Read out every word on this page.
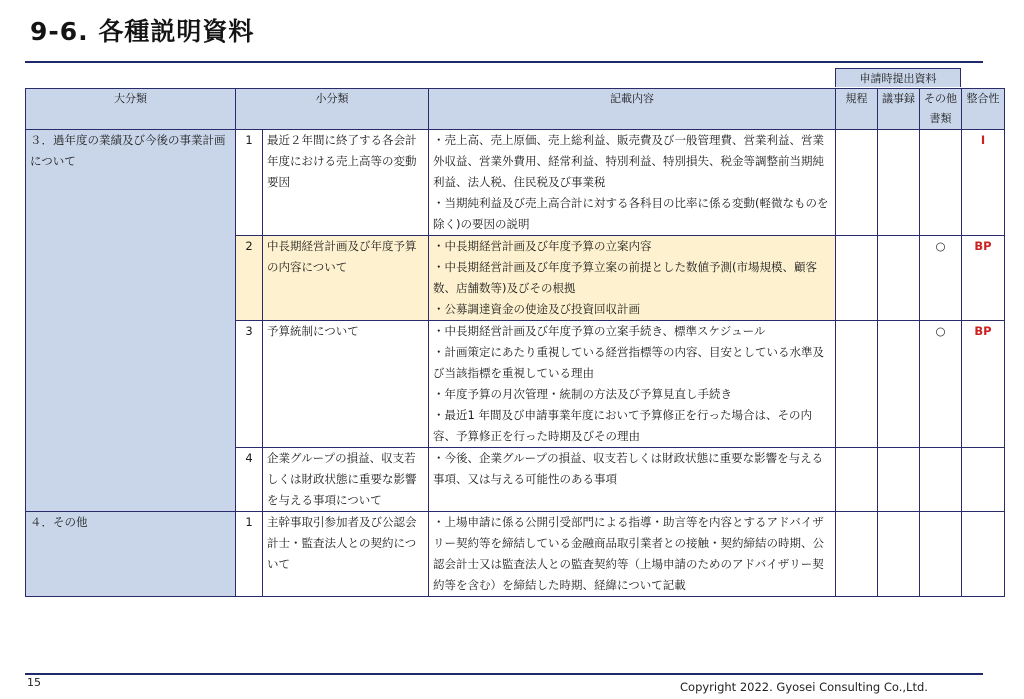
9-6. 各種説明資料
申請時提出資料
大分類	小分類		記載内容	規程	議事録	その他書類	整合性
３．過年度の業績及び今後の事業計画について	1	最近２年間に終了する各会計年度における売上高等の変動要因	・売上高、売上原価、売上総利益、販売費及び一般管理費、営業利益、営業外収益、営業外費用、経常利益、特別利益、特別損失、税金等調整前当期純利益、法人税、住民税及び事業税
・当期純利益及び売上高合計に対する各科目の比率に係る変動(軽微なものを除く)の要因の説明				I
	2	中長期経営計画及び年度予算の内容について	・中長期経営計画及び年度予算の立案内容
・中長期経営計画及び年度予算立案の前提とした数値予測(市場規模、顧客数、店舗数等)及びその根拠
・公募調達資金の使途及び投資回収計画			○	BP
	3	予算統制について	・中長期経営計画及び年度予算の立案手続き、標準スケジュール
・計画策定にあたり重視している経営指標等の内容、目安としている水準及び当該指標を重視している理由
・年度予算の月次管理・統制の方法及び予算見直し手続き
・最近1 年間及び申請事業年度において予算修正を行った場合は、その内容、予算修正を行った時期及びその理由			○	BP
	4	企業グループの損益、収支若しくは財政状態に重要な影響を与える事項について	・今後、企業グループの損益、収支若しくは財政状態に重要な影響を与える事項、又は与える可能性のある事項				
４．その他	1	主幹事取引参加者及び公認会計士・監査法人との契約について	・上場申請に係る公開引受部門による指導・助言等を内容とするアドバイザリー契約等を締結している金融商品取引業者との接触・契約締結の時期、公認会計士又は監査法人との監査契約等（上場申請のためのアドバイザリー契約等を含む）を締結した時期、経緯について記載				
15	Copyright 2022. Gyosei Consulting Co.,Ltd.
